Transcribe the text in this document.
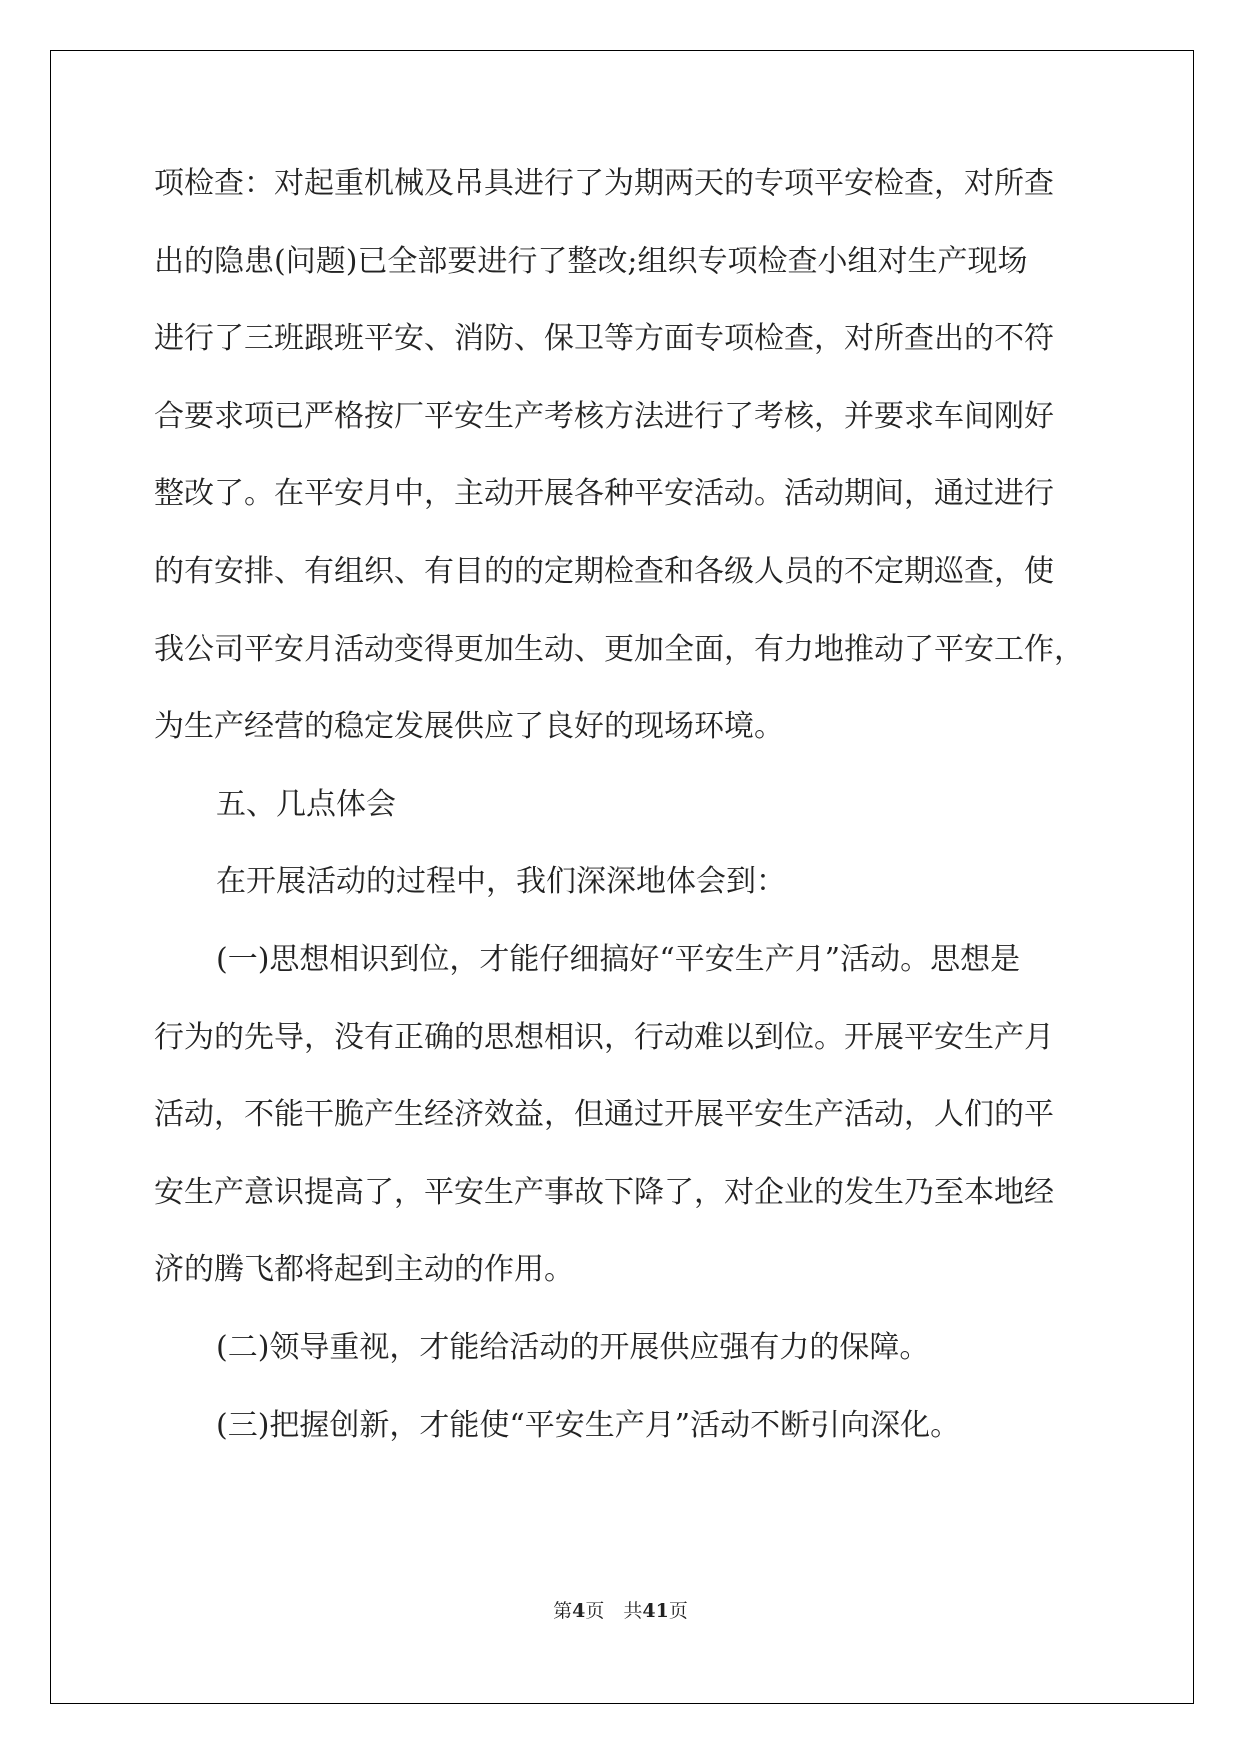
项检查：对起重机械及吊具进行了为期两天的专项平安检查，对所查
出的隐患(问题)已全部要进行了整改;组织专项检查小组对生产现场
进行了三班跟班平安、消防、保卫等方面专项检查，对所查出的不符
合要求项已严格按厂平安生产考核方法进行了考核，并要求车间刚好
整改了。在平安月中，主动开展各种平安活动。活动期间，通过进行
的有安排、有组织、有目的的定期检查和各级人员的不定期巡查，使
我公司平安月活动变得更加生动、更加全面，有力地推动了平安工作，
为生产经营的稳定发展供应了良好的现场环境。
五、几点体会
在开展活动的过程中，我们深深地体会到：
(一)思想相识到位，才能仔细搞好“平安生产月”活动。思想是
行为的先导，没有正确的思想相识，行动难以到位。开展平安生产月
活动，不能干脆产生经济效益，但通过开展平安生产活动，人们的平
安生产意识提高了，平安生产事故下降了，对企业的发生乃至本地经
济的腾飞都将起到主动的作用。
(二)领导重视，才能给活动的开展供应强有力的保障。
(三)把握创新，才能使“平安生产月”活动不断引向深化。
第4页　共41页
